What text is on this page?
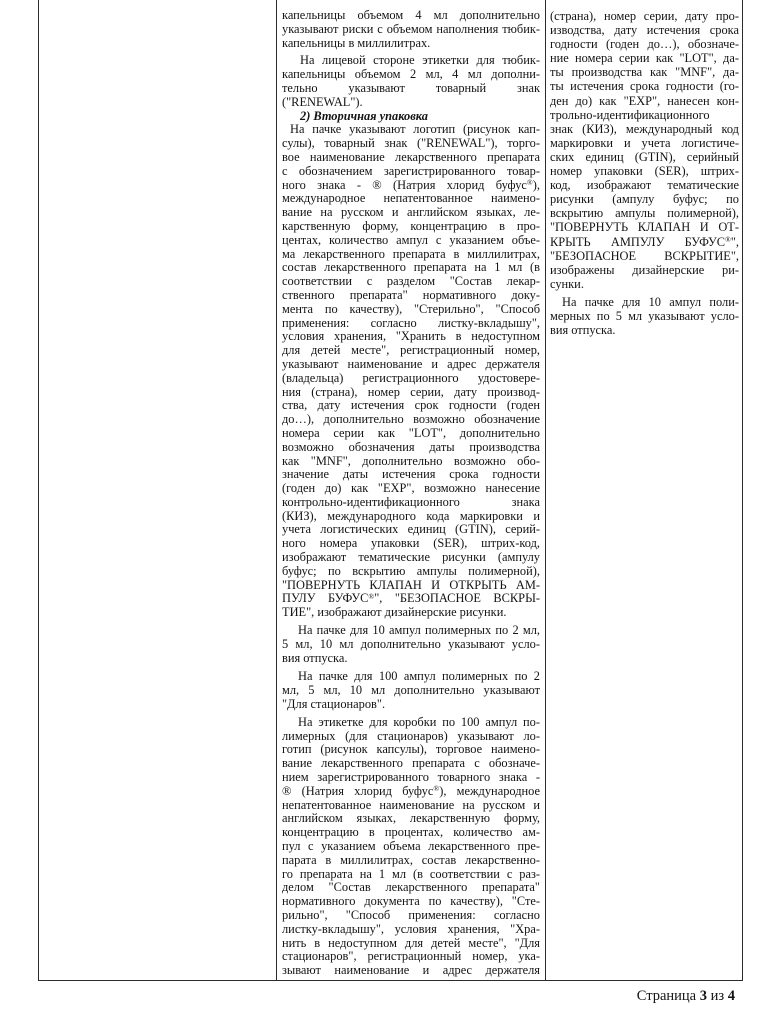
капельницы объемом 4 мл дополнительно
указывают риски с объемом наполнения тюбик-
капельницы в миллилитрах.
На лицевой стороне этикетки для тюбик-
капельницы объемом 2 мл, 4 мл дополни-
тельно указывают товарный знак
("RENEWAL").
2) Вторичная упаковка
На пачке указывают логотип (рисунок кап-
сулы), товарный знак ("RENEWAL"), торго-
вое наименование лекарственного препарата
с обозначением зарегистрированного товар-
ного знака - ® (Натрия хлорид буфус®),
международное непатентованное наимено-
вание на русском и английском языках, ле-
карственную форму, концентрацию в про-
центах, количество ампул с указанием объе-
ма лекарственного препарата в миллилитрах,
состав лекарственного препарата на 1 мл (в
соответствии с разделом "Состав лекар-
ственного препарата" нормативного доку-
мента по качеству), "Стерильно", "Способ
применения: согласно листку-вкладышу",
условия хранения, "Хранить в недоступном
для детей месте", регистрационный номер,
указывают наименование и адрес держателя
(владельца) регистрационного удостовере-
ния (страна), номер серии, дату производ-
ства, дату истечения срок годности (годен
до…), дополнительно возможно обозначение
номера серии как "LOT", дополнительно
возможно обозначения даты производства
как "MNF", дополнительно возможно обо-
значение даты истечения срока годности
(годен до) как "EXP", возможно нанесение
контрольно-идентификационного знака
(КИЗ), международного кода маркировки и
учета логистических единиц (GTIN), серий-
ного номера упаковки (SER), штрих-код,
изображают тематические рисунки (ампулу
буфус; по вскрытию ампулы полимерной),
"ПОВЕРНУТЬ КЛАПАН И ОТКРЫТЬ АМ-
ПУЛУ БУФУС®", "БЕЗОПАСНОЕ ВСКРЫ-
ТИЕ", изображают дизайнерские рисунки.
На пачке для 10 ампул полимерных по 2 мл,
5 мл, 10 мл дополнительно указывают усло-
вия отпуска.
На пачке для 100 ампул полимерных по 2
мл, 5 мл, 10 мл дополнительно указывают
"Для стационаров".
На этикетке для коробки по 100 ампул по-
лимерных (для стационаров) указывают ло-
готип (рисунок капсулы), торговое наимено-
вание лекарственного препарата с обозначе-
нием зарегистрированного товарного знака -
® (Натрия хлорид буфус®), международное
непатентованное наименование на русском и
английском языках, лекарственную форму,
концентрацию в процентах, количество ам-
пул с указанием объема лекарственного пре-
парата в миллилитрах, состав лекарственно-
го препарата на 1 мл (в соответствии с раз-
делом "Состав лекарственного препарата"
нормативного документа по качеству), "Сте-
рильно", "Способ применения: согласно
листку-вкладышу", условия хранения, "Хра-
нить в недоступном для детей месте", "Для
стационаров", регистрационный номер, ука-
зывают наименование и адрес держателя
(страна), номер серии, дату про-
изводства, дату истечения срока
годности (годен до…), обозначе-
ние номера серии как "LOT", да-
ты производства как "MNF", да-
ты истечения срока годности (го-
ден до) как "EXP", нанесен кон-
трольно-идентификационного
знак (КИЗ), международный код
маркировки и учета логистиче-
ских единиц (GTIN), серийный
номер упаковки (SER), штрих-
код, изображают тематические
рисунки (ампулу буфус; по
вскрытию ампулы полимерной),
"ПОВЕРНУТЬ КЛАПАН И ОТ-
КРЫТЬ АМПУЛУ БУФУС®",
"БЕЗОПАСНОЕ ВСКРЫТИЕ",
изображены дизайнерские ри-
сунки.
На пачке для 10 ампул поли-
мерных по 5 мл указывают усло-
вия отпуска.
Страница 3 из 4
